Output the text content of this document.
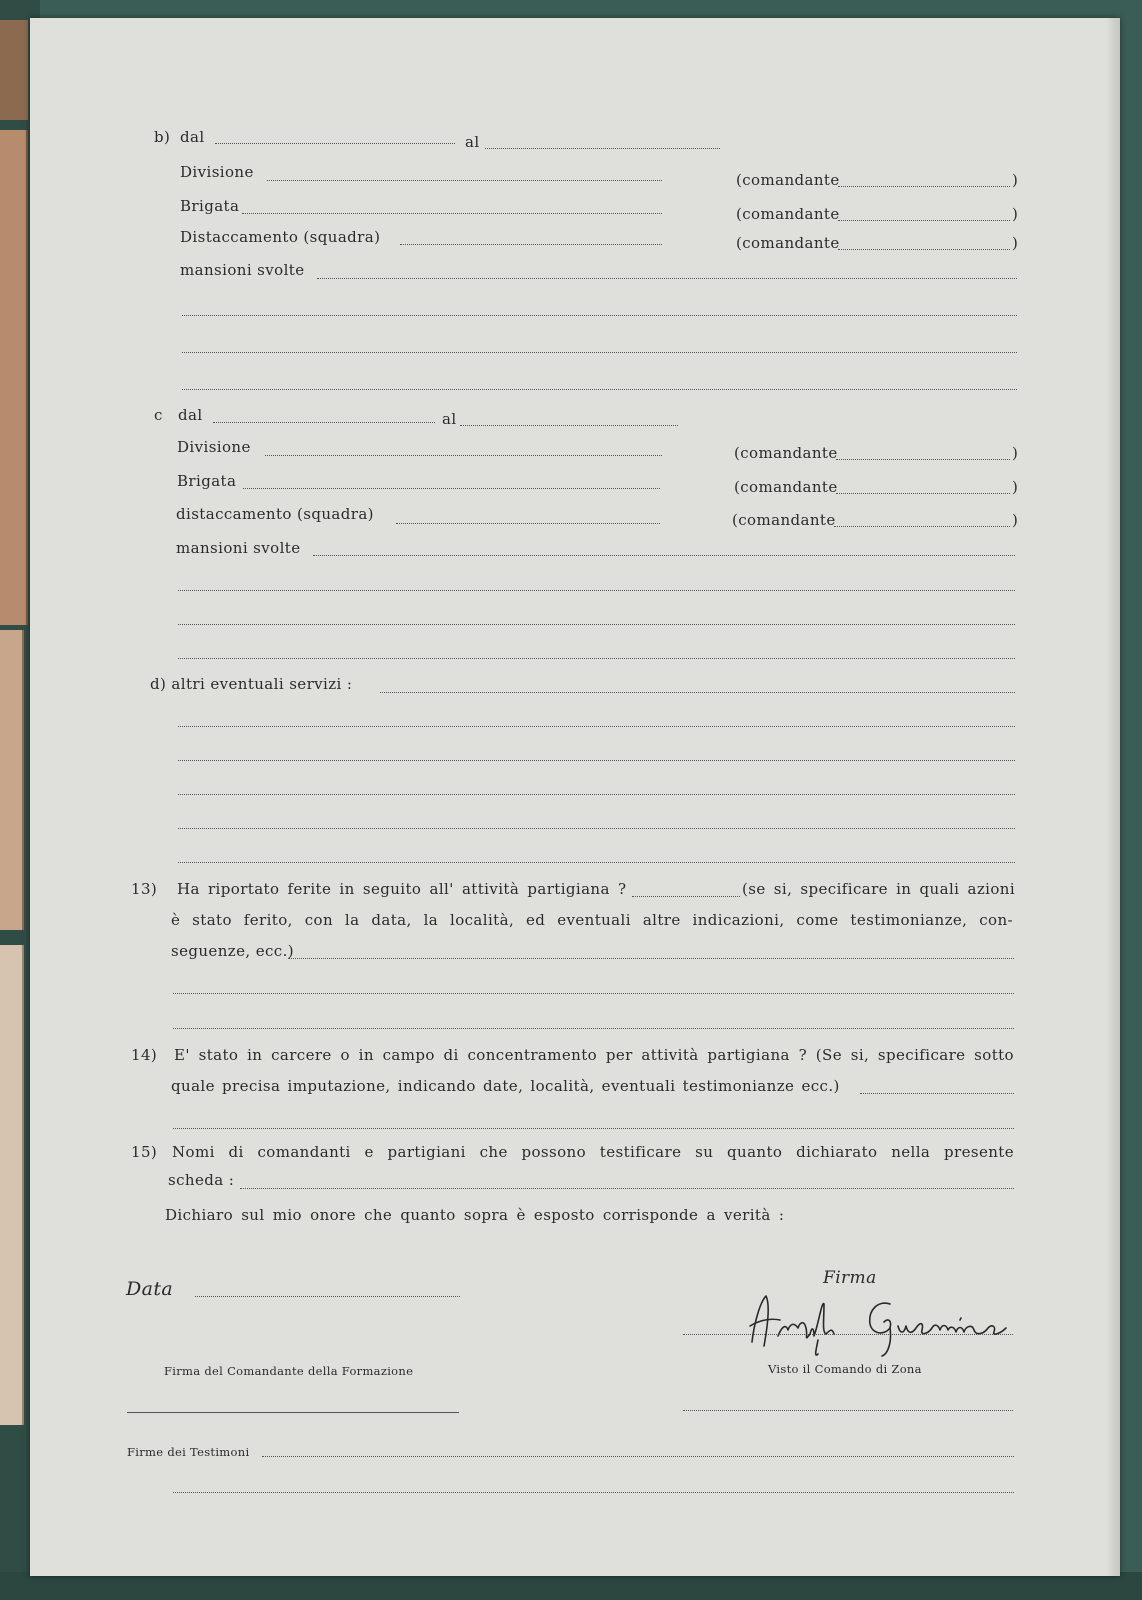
b) dal	al
Divisione	(comandante	)
Brigata	(comandante	)
Distaccamento (squadra)	(comandante	)
mansioni svolte
c dal	al
Divisione	(comandante	)
Brigata	(comandante	)
distaccamento (squadra)	(comandante	)
mansioni svolte
d) altri eventuali servizi :
13) Ha riportato ferite in seguito all' attività partigiana ?	(se si, specificare in quali azioni
è stato ferito, con la data, la località, ed eventuali altre indicazioni, come testimonianze, con-
seguenze, ecc.)
14) E' stato in carcere o in campo di concentramento per attività partigiana ? (Se si, specificare sotto
quale precisa imputazione, indicando date, località, eventuali testimonianze ecc.)
15) Nomi di comandanti e partigiani che possono testificare su quanto dichiarato nella presente
scheda :
Dichiaro sul mio onore che quanto sopra è esposto corrisponde a verità :
Data	Firma
Firma del Comandante della Formazione	Visto il Comando di Zona
Firme dei Testimoni
